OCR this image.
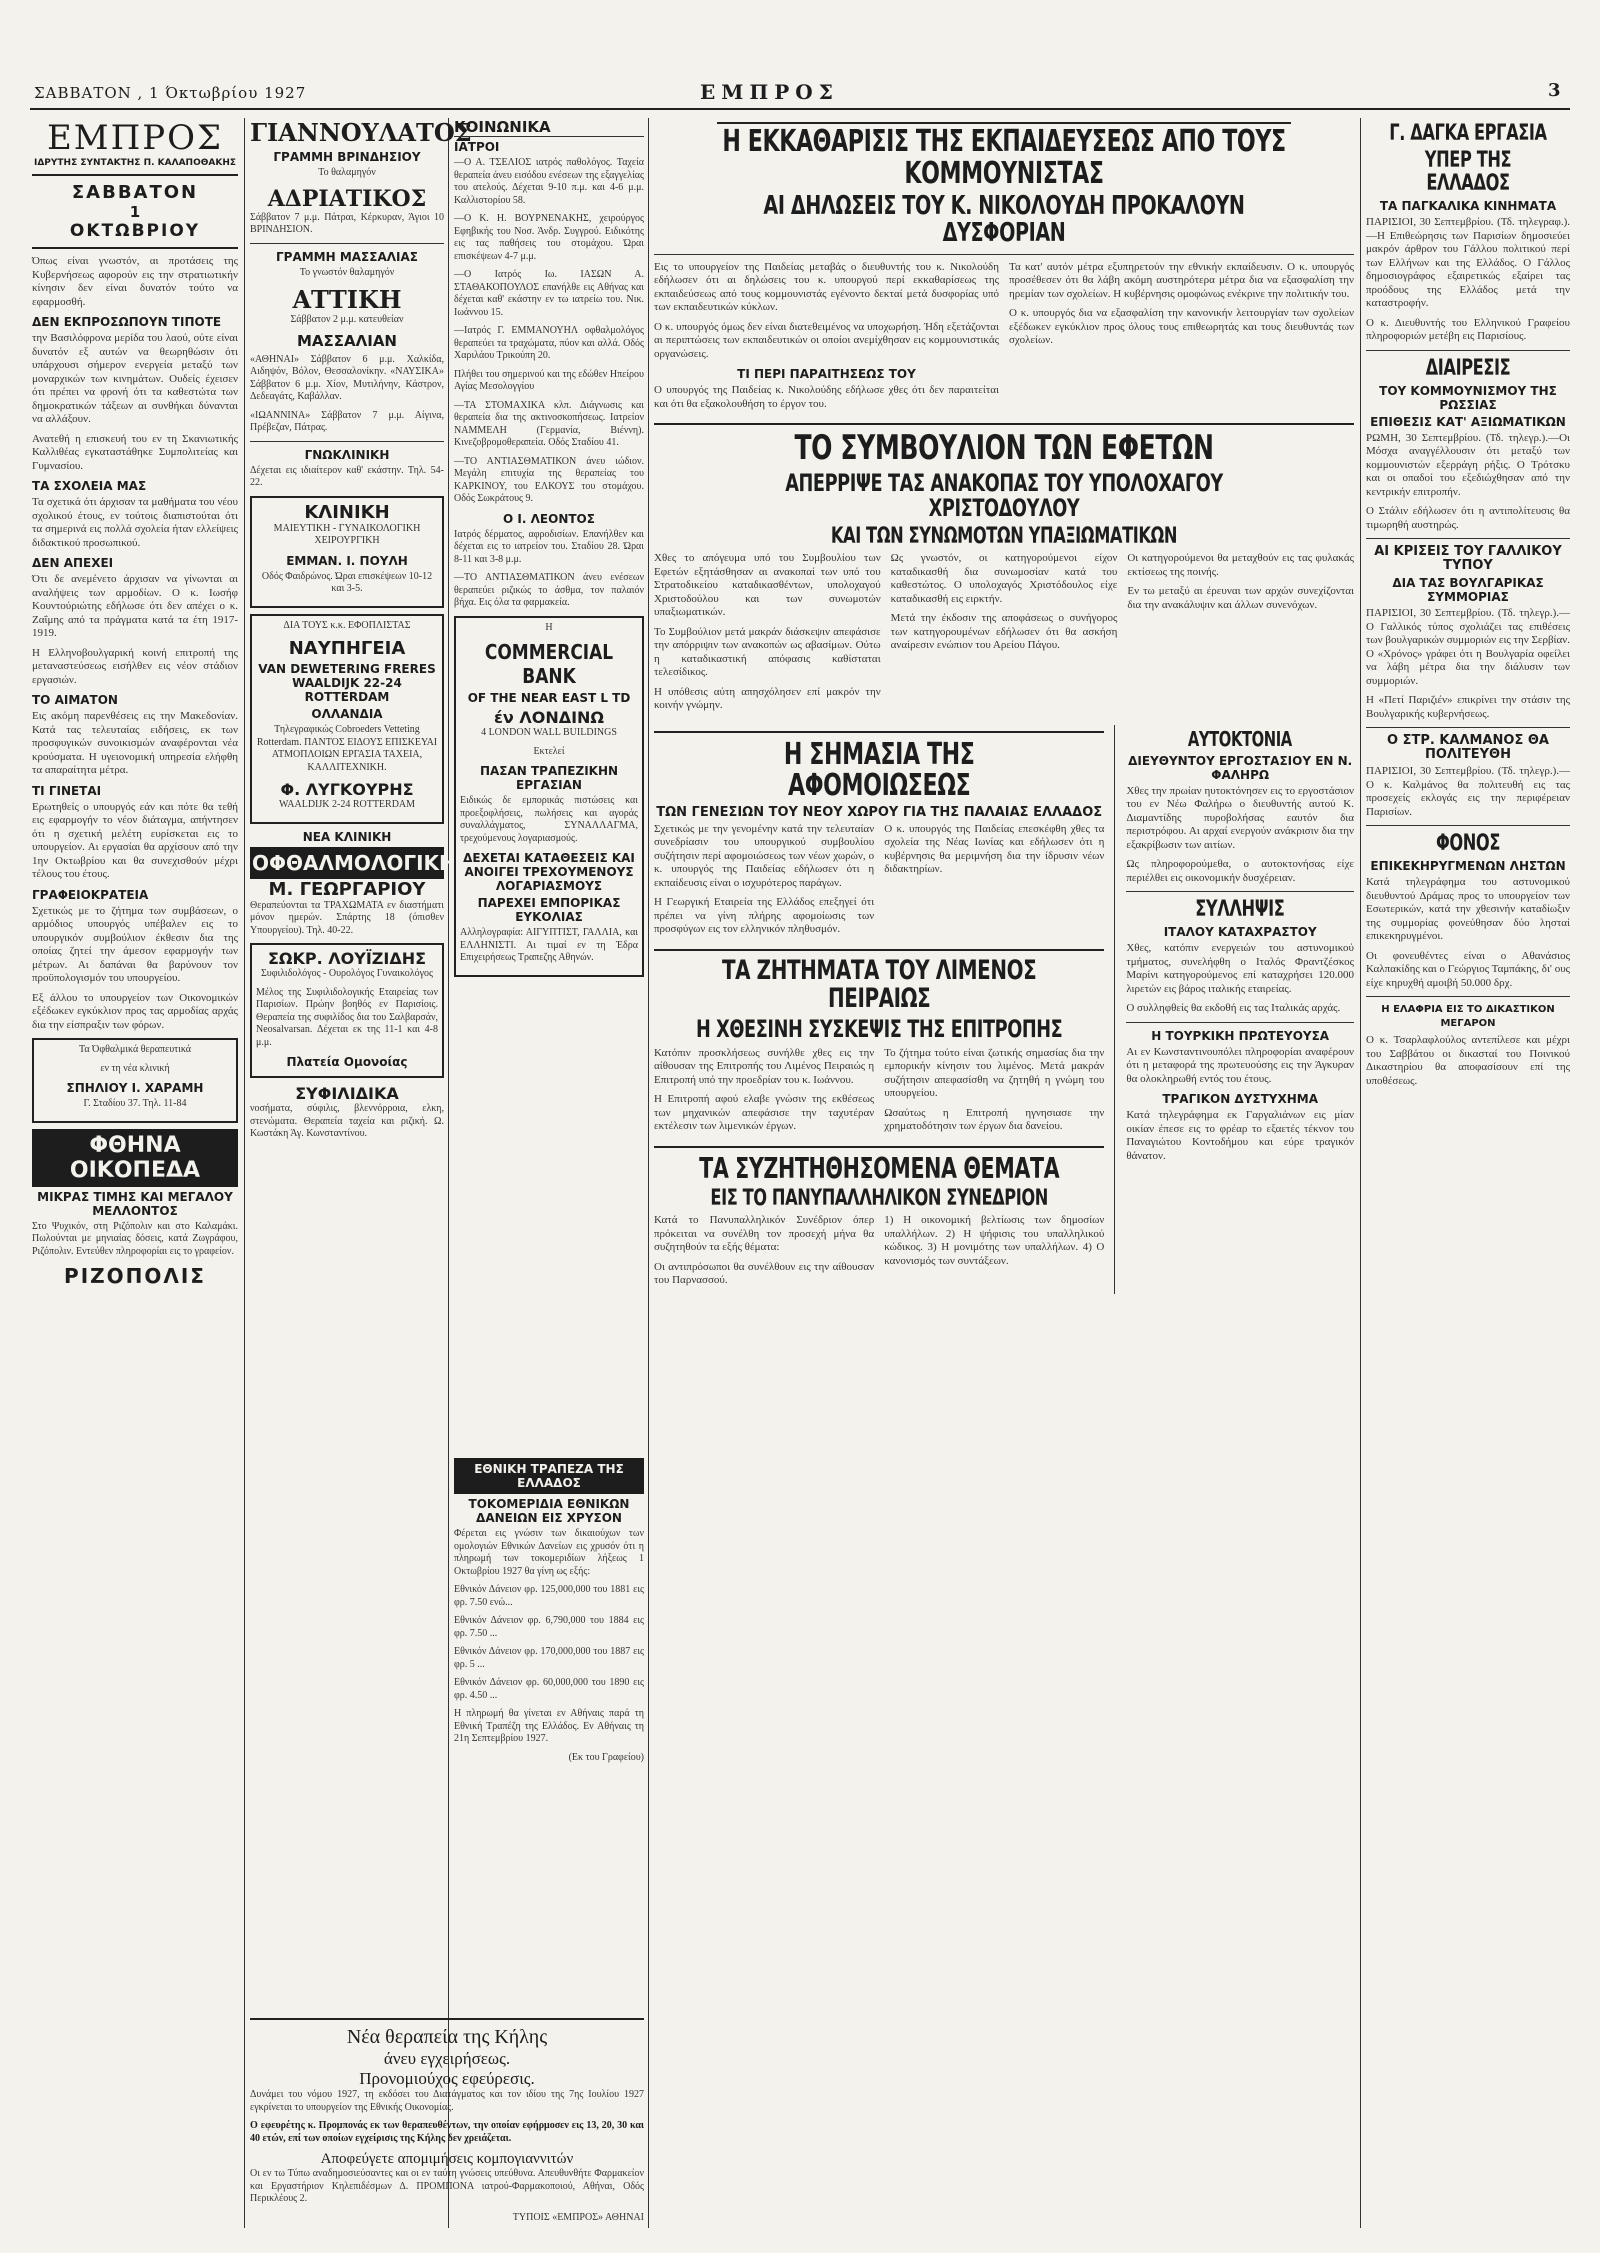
ΣΑΒΒΑΤΟΝ , 1 Όκτωβρίου 1927	ΕΜΠΡΟΣ	3
ΕΜΠΡΟΣ
ΙΔΡΥΤΗΣ ΣΥΝΤΑΚΤΗΣ Π. ΚΑΛΑΠΟΘΑΚΗΣ
ΣΑΒΒΑΤΟΝ
1
ΟΚΤΩΒΡΙΟΥ

Όπως είναι γνωστόν, αι προτάσεις της Κυβερνήσεως αφορούν εις την στρατιωτικήν κίνησιν δεν είναι δυνατόν τούτο να εφαρμοσθή.

ΔΕΝ ΕΚΠΡΟΣΩΠΟΥΝ ΤΙΠΟΤΕ

την Βασιλόφρονα μερίδα του λαού, ούτε είναι δυνατόν εξ αυτών να θεωρηθώσιν ότι υπάρχουσι σήμερον ενεργεία μεταξύ των μοναρχικών των κινημάτων. Ουδείς έχεισεν ότι πρέπει να φρονή ότι τα καθεστώτα των δημοκρατικών τάξεων αι συνθήκαι δύνανται να αλλάξουν.

Ανατεθή η επισκευή του εν τη Σκανιωτικής Καλλιθέας εγκαταστάθηκε Συμπολιτείας και Γυμνασίου.

ΤΑ ΣΧΟΛΕΙΑ ΜΑΣ

Τα σχετικά ότι άρχισαν τα μαθήματα του νέου σχολικού έτους, εν τούτοις διαπιστούται ότι τα σημερινά εις πολλά σχολεία ήταν ελλείψεις διδακτικού προσωπικού.

ΔΕΝ ΑΠΕΧΕΙ

Ότι δε ανεμένετο άρχισαν να γίνωνται αι αναλήψεις των αρμοδίων. Ο κ. Ιωσήφ Κουντούριώτης εδήλωσε ότι δεν απέχει ο κ. Ζαΐμης από τα πράγματα κατά τα έτη 1917-1919.

Η Ελληνοβουλγαρική κοινή επιτροπή της μεταναστεύσεως εισήλθεν εις νέον στάδιον εργασιών.

ΤΟ ΑΙΜΑΤΟΝ

Εις ακόμη παρενθέσεις εις την Μακεδονίαν. Κατά τας τελευταίας ειδήσεις, εκ των προσφυγικών συνοικισμών αναφέρονται νέα κρούσματα. Η υγειονομική υπηρεσία ελήφθη τα απαραίτητα μέτρα.

ΤΙ ΓΙΝΕΤΑΙ

Ερωτηθείς ο υπουργός εάν και πότε θα τεθή εις εφαρμογήν το νέον διάταγμα, απήντησεν ότι η σχετική μελέτη ευρίσκεται εις το υπουργείον. Αι εργασίαι θα αρχίσουν από την 1ην Οκτωβρίου και θα συνεχισθούν μέχρι τέλους του έτους.

ΓΡΑΦΕΙΟΚΡΑΤΕΙΑ

Σχετικώς με το ζήτημα των συμβάσεων, ο αρμόδιος υπουργός υπέβαλεν εις το υπουργικόν συμβούλιον έκθεσιν δια της οποίας ζητεί την άμεσον εφαρμογήν των μέτρων. Αι δαπάναι θα βαρύνουν τον προϋπολογισμόν του υπουργείου.

Εξ άλλου το υπουργείον των Οικονομικών εξέδωκεν εγκύκλιον προς τας αρμοδίας αρχάς δια την είσπραξιν των φόρων.

Τα Όφθαλμικά θεραπευτικά
εν τη νέα κλινική
ΣΠΗΛΙΟΥ Ι. ΧΑΡΑΜΗ
Γ. Σταδίου 37. Τηλ. 11-84
ΦΘΗΝΑ ΟΙΚΟΠΕΔΑ
ΜΙΚΡΑΣ ΤΙΜΗΣ ΚΑΙ ΜΕΓΑΛΟΥ ΜΕΛΛΟΝΤΟΣ

Στο Ψυχικόν, στη Ριζόπολιν και στο Καλαμάκι. Πωλούνται με μηνιαίας δόσεις, κατά Ζωγράφου, Ριζόπολιν. Εντεύθεν πληροφορίαι εις το γραφείον.

ΡΙΖΟΠΟΛΙΣ
ΓΙΑΝΝΟΥΛΑΤΟΣ
ΓΡΑΜΜΗ ΒΡΙΝΔΗΣΙΟΥ
Το θαλαμηγόν
ΑΔΡΙΑΤΙΚΟΣ

Σάββατον 7 μ.μ. Πάτραι, Κέρκυραν, Άγιοι 10 ΒΡΙΝΔΗΣΙΟΝ.

ΓΡΑΜΜΗ ΜΑΣΣΑΛΙΑΣ
Το γνωστόν θαλαμηγόν
ΑΤΤΙΚΗ
Σάββατον 2 μ.μ. κατευθείαν
ΜΑΣΣΑΛΙΑΝ

«ΑΘΗΝΑΙ» Σάββατον 6 μ.μ. Χαλκίδα, Αιδηψόν, Βόλον, Θεσσαλονίκην. «ΝΑΥΣΙΚΑ» Σάββατον 6 μ.μ. Χίον, Μυτιλήνην, Κάστρον, Δεδεαγάτς, Καβάλλαν.

«ΙΩΑΝΝΙΝΑ» Σάββατον 7 μ.μ. Αίγινα, Πρέβεζαν, Πάτρας.

ΓΝΩΚΛΙΝΙΚΗ

Δέχεται εις ιδιαίτερον καθ' εκάστην. Τηλ. 54-22.

ΚΛΙΝΙΚΗ
ΜΑΙΕΥΤΙΚΗ - ΓΥΝΑΙΚΟΛΟΓΙΚΗ ΧΕΙΡΟΥΡΓΙΚΗ
ΕΜΜΑΝ. Ι. ΠΟΥΛΗ
Οδός Φαιδρώνος. Ώραι επισκέψεων 10-12 και 3-5.
ΔΙΑ ΤΟΥΣ κ.κ. ΕΦΟΠΛΙΣΤΑΣ
ΝΑΥΠΗΓΕΙΑ
VAN DEWETERING FRERES WAALDIJK 22-24 ROTTERDAM
ΟΛΛΑΝΔΙΑ
Τηλεγραφικώς Cobroeders Vetteting Rotterdam. ΠΑΝΤΟΣ ΕΙΔΟΥΣ ΕΠΙΣΚΕΥΑΙ ΑΤΜΟΠΛΟΙΩΝ ΕΡΓΑΣΙΑ ΤΑΧΕΙΑ, ΚΑΛΛΙΤΕΧΝΙΚΗ.
Φ. ΛΥΓΚΟΥΡΗΣ
WAALDIJK 2-24 ROTTERDAM
ΝΕΑ ΚΛΙΝΙΚΗ
ΟΦΘΑΛΜΟΛΟΓΙΚΗ
Μ. ΓΕΩΡΓΑΡΙΟΥ

Θεραπεύονται τα ΤΡΑΧΩΜΑΤΑ εν διαστήματι μόνον ημερών. Σπάρτης 18 (όπισθεν Υπουργείου). Τηλ. 40-22.

ΣΩΚΡ. ΛΟΥΪΖΙΔΗΣ
Συφιλιδολόγος - Ουρολόγος Γυναικολόγος

Μέλος της Συφιλιδολογικής Εταιρείας των Παρισίων. Πρώην βοηθός εν Παρισίοις. Θεραπεία της συφιλίδος δια του Σαλβαρσάν, Neosalvarsan. Δέχεται εκ της 11-1 και 4-8 μ.μ.

Πλατεία Ομονοίας
ΣΥΦΙΛΙΔΙΚΑ

νοσήματα, σύφιλις, βλεννόρροια, ελκη, στενώματα. Θεραπεία ταχεία και ριζική. Ω. Κωστάκη Άγ. Κωνσταντίνου.

ΚΟΙΝΩΝΙΚΑ
ΙΑΤΡΟΙ

—Ο Α. ΤΣΕΛΙΟΣ ιατρός παθολόγος. Ταχεία θεραπεία άνευ εισόδου ενέσεων της εξαγγελίας του ατελούς. Δέχεται 9-10 π.μ. και 4-6 μ.μ. Καλλιστορίου 58.

—Ο Κ. Η. ΒΟΥΡΝΕΝΑΚΗΣ, χειρούργος Εφηβικής του Νοσ. Άνδρ. Συγγρού. Ειδικότης εις τας παθήσεις του στομάχου. Ώραι επισκέψεων 4-7 μ.μ.

—Ο Ιατρός Ιω. ΙΑΣΩΝ Α. ΣΤΑΘΑΚΟΠΟΥΛΟΣ επανήλθε εις Αθήνας και δέχεται καθ' εκάστην εν τω ιατρείω του. Νικ. Ιωάννου 15.

—Ιατρός Γ. ΕΜΜΑΝΟΥΗΛ οφθαλμολόγος θεραπεύει τα τραχώματα, πύον και αλλά. Οδός Χαριλάου Τρικούπη 20.

Πλήθει του σημερινού και της εδώθεν Ηπείρου Αγίας Μεσολογγίου

—ΤΑ ΣΤΟΜΑΧΙΚΑ κλπ. Διάγνωσις και θεραπεία δια της ακτινοσκοπήσεως. Ιατρείον ΝΑΜΜΕΛΗ (Γερμανία, Βιέννη). Κινεζοβρομοθεραπεία. Οδός Σταδίου 41.

—ΤΟ ΑΝΤΙΑΣΘΜΑΤΙΚΟΝ άνευ ιώδιον. Μεγάλη επιτυχία της θεραπείας του ΚΑΡΚΙΝΟΥ, του ΕΛΚΟΥΣ του στομάχου. Οδός Σωκράτους 9.

Ο Ι. ΛΕΟΝΤΟΣ

Ιατρός δέρματος, αφροδισίων. Επανήλθεν και δέχεται εις το ιατρείον του. Σταδίου 28. Ώραι 8-11 και 3-8 μ.μ.

—ΤΟ ΑΝΤΙΑΣΘΜΑΤΙΚΟΝ άνευ ενέσεων θεραπεύει ριζικώς το άσθμα, τον παλαιόν βήχα. Εις όλα τα φαρμακεία.

Η
COMMERCIAL BANK
OF THE NEAR EAST L TD
έν ΛΟΝΔΙΝΩ
4 LONDON WALL BUILDINGS
Εκτελεί
ΠΑΣΑΝ ΤΡΑΠΕΖΙΚΗΝ ΕΡΓΑΣΙΑΝ

Ειδικώς δε εμπορικάς πιστώσεις και προεξοφλήσεις, πωλήσεις και αγοράς συναλλάγματος, ΣΥΝΑΛΛΑΓΜΑ, τρεχούμενους λογαριασμούς.

ΔΕΧΕΤΑΙ ΚΑΤΑΘΕΣΕΙΣ ΚΑΙ ΑΝΟΙΓΕΙ ΤΡΕΧΟΥΜΕΝΟΥΣ ΛΟΓΑΡΙΑΣΜΟΥΣ
ΠΑΡΕΧΕΙ ΕΜΠΟΡΙΚΑΣ ΕΥΚΟΛΙΑΣ

Αλληλογραφία: ΑΙΓΥΠΤΙΣΤ, ΓΑΛΛΙΑ, και ΕΛΛΗΝΙΣΤΙ. Αι τιμαί εν τη Έδρα Επιχειρήσεως Τραπεζης Αθηνών.

ΕΘΝΙΚΗ ΤΡΑΠΕΖΑ ΤΗΣ ΕΛΛΑΔΟΣ
ΤΟΚΟΜΕΡΙΔΙΑ ΕΘΝΙΚΩΝ ΔΑΝΕΙΩΝ ΕΙΣ ΧΡΥΣΟΝ

Φέρεται εις γνώσιν των δικαιούχων των ομολογιών Εθνικών Δανείων εις χρυσόν ότι η πληρωμή των τοκομεριδίων λήξεως 1 Οκτωβρίου 1927 θα γίνη ως εξής:

Εθνικόν Δάνειον φρ. 125,000,000 του 1881 εις φρ. 7.50 ενώ...

Εθνικόν Δάνειον φρ. 6,790,000 του 1884 εις φρ. 7.50 ...

Εθνικόν Δάνειον φρ. 170,000,000 του 1887 εις φρ. 5 ...

Εθνικόν Δάνειον φρ. 60,000,000 του 1890 εις φρ. 4.50 ...

Η πληρωμή θα γίνεται εν Αθήναις παρά τη Εθνική Τραπέζη της Ελλάδος. Εν Αθήναις τη 21η Σεπτεμβρίου 1927.

(Εκ του Γραφείου)
Η ΕΚΚΑΘΑΡΙΣΙΣ ΤΗΣ ΕΚΠΑΙΔΕΥΣΕΩΣ ΑΠΟ ΤΟΥΣ ΚΟΜΜΟΥΝΙΣΤΑΣ
ΑΙ ΔΗΛΩΣΕΙΣ ΤΟΥ Κ. ΝΙΚΟΛΟΥΔΗ ΠΡΟΚΑΛΟΥΝ ΔΥΣΦΟΡΙΑΝ

Εις το υπουργείον της Παιδείας μεταβάς ο διευθυντής του κ. Νικολούδη εδήλωσεν ότι αι δηλώσεις του κ. υπουργού περί εκκαθαρίσεως της εκπαιδεύσεως από τους κομμουνιστάς εγένοντο δεκταί μετά δυσφορίας υπό των εκπαιδευτικών κύκλων.

Ο κ. υπουργός όμως δεν είναι διατεθειμένος να υποχωρήση. Ήδη εξετάζονται αι περιπτώσεις των εκπαιδευτικών οι οποίοι ανεμίχθησαν εις κομμουνιστικάς οργανώσεις.

ΤΙ ΠΕΡΙ ΠΑΡΑΙΤΗΣΕΩΣ ΤΟΥ

Ο υπουργός της Παιδείας κ. Νικολούδης εδήλωσε χθες ότι δεν παραιτείται και ότι θα εξακολουθήση το έργον του.

Τα κατ' αυτόν μέτρα εξυπηρετούν την εθνικήν εκπαίδευσιν. Ο κ. υπουργός προσέθεσεν ότι θα λάβη ακόμη αυστηρότερα μέτρα δια να εξασφαλίση την ηρεμίαν των σχολείων. Η κυβέρνησις ομοφώνως ενέκρινε την πολιτικήν του.

Ο κ. υπουργός δια να εξασφαλίση την κανονικήν λειτουργίαν των σχολείων εξέδωκεν εγκύκλιον προς όλους τους επιθεωρητάς και τους διευθυντάς των σχολείων.

ΤΟ ΣΥΜΒΟΥΛΙΟΝ ΤΩΝ ΕΦΕΤΩΝ
ΑΠΕΡΡΙΨΕ ΤΑΣ ΑΝΑΚΟΠΑΣ ΤΟΥ ΥΠΟΛΟΧΑΓΟΥ ΧΡΙΣΤΟΔΟΥΛΟΥ
ΚΑΙ ΤΩΝ ΣΥΝΩΜΟΤΩΝ ΥΠΑΞΙΩΜΑΤΙΚΩΝ

Χθες το απόγευμα υπό του Συμβουλίου των Εφετών εξητάσθησαν αι ανακοπαί των υπό του Στρατοδικείου καταδικασθέντων, υπολοχαγού Χριστοδούλου και των συνωμοτών υπαξιωματικών.

Το Συμβούλιον μετά μακράν διάσκεψιν απεφάσισε την απόρριψιν των ανακοπών ως αβασίμων. Ούτω η καταδικαστική απόφασις καθίσταται τελεσίδικος.

Η υπόθεσις αύτη απησχόλησεν επί μακρόν την κοινήν γνώμην.

Ως γνωστόν, οι κατηγορούμενοι είχον καταδικασθή δια συνωμοσίαν κατά του καθεστώτος. Ο υπολοχαγός Χριστόδουλος είχε καταδικασθή εις ειρκτήν.

Μετά την έκδοσιν της αποφάσεως ο συνήγορος των κατηγορουμένων εδήλωσεν ότι θα ασκήση αναίρεσιν ενώπιον του Αρείου Πάγου.

Οι κατηγορούμενοι θα μεταχθούν εις τας φυλακάς εκτίσεως της ποινής.

Εν τω μεταξύ αι έρευναι των αρχών συνεχίζονται δια την ανακάλυψιν και άλλων συνενόχων.

Η ΣΗΜΑΣΙΑ ΤΗΣ ΑΦΟΜΟΙΩΣΕΩΣ
ΤΩΝ ΓΕΝΕΣΙΩΝ ΤΟΥ ΝΕΟΥ ΧΩΡΟΥ ΓΙΑ ΤΗΣ ΠΑΛΑΙΑΣ ΕΛΛΑΔΟΣ

Σχετικώς με την γενομένην κατά την τελευταίαν συνεδρίασιν του υπουργικού συμβουλίου συζήτησιν περί αφομοιώσεως των νέων χωρών, ο κ. υπουργός της Παιδείας εδήλωσεν ότι η εκπαίδευσις είναι ο ισχυρότερος παράγων.

Η Γεωργική Εταιρεία της Ελλάδος επεξηγεί ότι πρέπει να γίνη πλήρης αφομοίωσις των προσφύγων εις τον ελληνικόν πληθυσμόν.

Ο κ. υπουργός της Παιδείας επεσκέφθη χθες τα σχολεία της Νέας Ιωνίας και εδήλωσεν ότι η κυβέρνησις θα μεριμνήση δια την ίδρυσιν νέων διδακτηρίων.

ΤΑ ΖΗΤΗΜΑΤΑ ΤΟΥ ΛΙΜΕΝΟΣ ΠΕΙΡΑΙΩΣ
Η ΧΘΕΣΙΝΗ ΣΥΣΚΕΨΙΣ ΤΗΣ ΕΠΙΤΡΟΠΗΣ

Κατόπιν προσκλήσεως συνήλθε χθες εις την αίθουσαν της Επιτροπής του Λιμένος Πειραιώς η Επιτροπή υπό την προεδρίαν του κ. Ιωάννου.

Η Επιτροπή αφού ελαβε γνώσιν της εκθέσεως των μηχανικών απεφάσισε την ταχυτέραν εκτέλεσιν των λιμενικών έργων.

Το ζήτημα τούτο είναι ζωτικής σημασίας δια την εμπορικήν κίνησιν του λιμένος. Μετά μακράν συζήτησιν απεφασίσθη να ζητηθή η γνώμη του υπουργείου.

Ωσαύτως η Επιτροπή ηγνησιασε την χρηματοδότησιν των έργων δια δανείου.

ΤΑ ΣΥΖΗΤΗΘΗΣΟΜΕΝΑ ΘΕΜΑΤΑ
ΕΙΣ ΤΟ ΠΑΝΥΠΑΛΛΗΛΙΚΟΝ ΣΥΝΕΔΡΙΟΝ

Κατά το Πανυπαλληλικόν Συνέδριον όπερ πρόκειται να συνέλθη τον προσεχή μήνα θα συζητηθούν τα εξής θέματα:

Οι αντιπρόσωποι θα συνέλθουν εις την αίθουσαν του Παρνασσού.

1) Η οικονομική βελτίωσις των δημοσίων υπαλλήλων. 2) Η ψήφισις του υπαλληλικού κώδικος. 3) Η μονιμότης των υπαλλήλων. 4) Ο κανονισμός των συντάξεων.

ΑΥΤΟΚΤΟΝΙΑ
ΔΙΕΥΘΥΝΤΟΥ ΕΡΓΟΣΤΑΣΙΟΥ ΕΝ Ν. ΦΑΛΗΡΩ

Χθες την πρωίαν ηυτοκτόνησεν εις το εργοστάσιον του εν Νέω Φαλήρω ο διευθυντής αυτού Κ. Διαμαντίδης πυροβολήσας εαυτόν δια περιστρόφου. Αι αρχαί ενεργούν ανάκρισιν δια την εξακρίβωσιν των αιτίων.

Ως πληροφορούμεθα, ο αυτοκτονήσας είχε περιέλθει εις οικονομικήν δυσχέρειαν.

ΣΥΛΛΗΨΙΣ
ΙΤΑΛΟΥ ΚΑΤΑΧΡΑΣΤΟΥ

Χθες, κατόπιν ενεργειών του αστυνομικού τμήματος, συνελήφθη ο Ιταλός Φραντζέσκος Μαρίνι κατηγορούμενος επί καταχρήσει 120.000 λιρετών εις βάρος ιταλικής εταιρείας.

Ο συλληφθείς θα εκδοθή εις τας Ιταλικάς αρχάς.

Η ΤΟΥΡΚΙΚΗ ΠΡΩΤΕΥΟΥΣΑ

Αι εν Κωνσταντινουπόλει πληροφορίαι αναφέρουν ότι η μεταφορά της πρωτευούσης εις την Άγκυραν θα ολοκληρωθή εντός του έτους.

ΤΡΑΓΙΚΟΝ ΔΥΣΤΥΧΗΜΑ

Κατά τηλεγράφημα εκ Γαργαλιάνων εις μίαν οικίαν έπεσε εις το φρέαρ το εξαετές τέκνον του Παναγιώτου Κοντοδήμου και εύρε τραγικόν θάνατον.

Γ. ΔΑΓΚΑ ΕΡΓΑΣΙΑ
ΥΠΕΡ ΤΗΣ ΕΛΛΑΔΟΣ
ΤΑ ΠΑΓΚΑΛΙΚΑ ΚΙΝΗΜΑΤΑ

ΠΑΡΙΣΙΟΙ, 30 Σεπτεμβρίου. (Τδ. τηλεγραφ.).—Η Επιθεώρησις των Παρισίων δημοσιεύει μακρόν άρθρον του Γάλλου πολιτικού περί των Ελλήνων και της Ελλάδος. Ο Γάλλος δημοσιογράφος εξαιρετικώς εξαίρει τας προόδους της Ελλάδος μετά την καταστροφήν.

Ο κ. Διευθυντής του Ελληνικού Γραφείου πληροφοριών μετέβη εις Παρισίους.

ΔΙΑΙΡΕΣΙΣ
ΤΟΥ ΚΟΜΜΟΥΝΙΣΜΟΥ ΤΗΣ ΡΩΣΣΙΑΣ
ΕΠΙΘΕΣΙΣ ΚΑΤ' ΑΞΙΩΜΑΤΙΚΩΝ

ΡΩΜΗ, 30 Σεπτεμβρίου. (Τδ. τηλεγρ.).—Οι Μόσχα αναγγέλλουσιν ότι μεταξύ των κομμουνιστών εξερράγη ρήξις. Ο Τρότσκυ και οι οπαδοί του εξεδιώχθησαν από την κεντρικήν επιτροπήν.

Ο Στάλιν εδήλωσεν ότι η αντιπολίτευσις θα τιμωρηθή αυστηρώς.

ΑΙ ΚΡΙΣΕΙΣ ΤΟΥ ΓΑΛΛΙΚΟΥ ΤΥΠΟΥ
ΔΙΑ ΤΑΣ ΒΟΥΛΓΑΡΙΚΑΣ ΣΥΜΜΟΡΙΑΣ

ΠΑΡΙΣΙΟΙ, 30 Σεπτεμβρίου. (Τδ. τηλεγρ.).—Ο Γαλλικός τύπος σχολιάζει τας επιθέσεις των βουλγαρικών συμμοριών εις την Σερβίαν. Ο «Χρόνος» γράφει ότι η Βουλγαρία οφείλει να λάβη μέτρα δια την διάλυσιν των συμμοριών.

Η «Πετί Παριζιέν» επικρίνει την στάσιν της Βουλγαρικής κυβερνήσεως.

Ο ΣΤΡ. ΚΑΛΜΑΝΟΣ ΘΑ ΠΟΛΙΤΕΥΘΗ

ΠΑΡΙΣΙΟΙ, 30 Σεπτεμβρίου. (Τδ. τηλεγρ.).—Ο κ. Καλμάνος θα πολιτευθή εις τας προσεχείς εκλογάς εις την περιφέρειαν Παρισίων.

ΦΟΝΟΣ
ΕΠΙΚΕΚΗΡΥΓΜΕΝΩΝ ΛΗΣΤΩΝ

Κατά τηλεγράφημα του αστυνομικού διευθυντού Δράμας προς το υπουργείον των Εσωτερικών, κατά την χθεσινήν καταδίωξιν της συμμορίας φονεύθησαν δύο λησταί επικεκηρυγμένοι.

Οι φονευθέντες είναι ο Αθανάσιος Καλπακίδης και ο Γεώργιος Ταμπάκης, δι' ους είχε κηρυχθή αμοιβή 50.000 δρχ.

Η ΕΛΑΦΡΙΑ ΕΙΣ ΤΟ ΔΙΚΑΣΤΙΚΟΝ ΜΕΓΑΡΟΝ

Ο κ. Τσαρλαφλούλος αντεπίλεσε και μέχρι του Σαββάτου οι δικασταί του Ποινικού Δικαστηρίου θα αποφασίσουν επί της υποθέσεως.

Νέα θεραπεία της Κήλης
άνευ εγχειρήσεως.
Προνομιούχος εφεύρεσις.

Δυνάμει του νόμου 1927, τη εκδόσει του Διατάγματος και τον ιδίου της 7ης Ιουλίου 1927 εγκρίνεται το υπουργείον της Εθνικής Οικονομίας.

Ο εφευρέτης κ. Προμπονάς εκ των θεραπευθέντων, την οποίαν εφήρμοσεν εις 13, 20, 30 και 40 ετών, επί των οποίων εγχείρισις της Κήλης δεν χρειάζεται.

Αποφεύγετε απομιμήσεις κομπογιαννιτών

Οι εν τω Τύπω αναδημοσιεύσαντες και οι εν ταύτη γνώσεις υπεύθυνα. Απευθυνθήτε Φαρμακείον και Εργαστήριον Κηλεπιδέσμων Δ. ΠΡΟΜΠΟΝΑ ιατρού-Φαρμακοποιού, Αθήναι, Οδός Περικλέους 2.

ΤΥΠΟΙΣ «ΕΜΠΡΟΣ» ΑΘΗΝΑΙ
